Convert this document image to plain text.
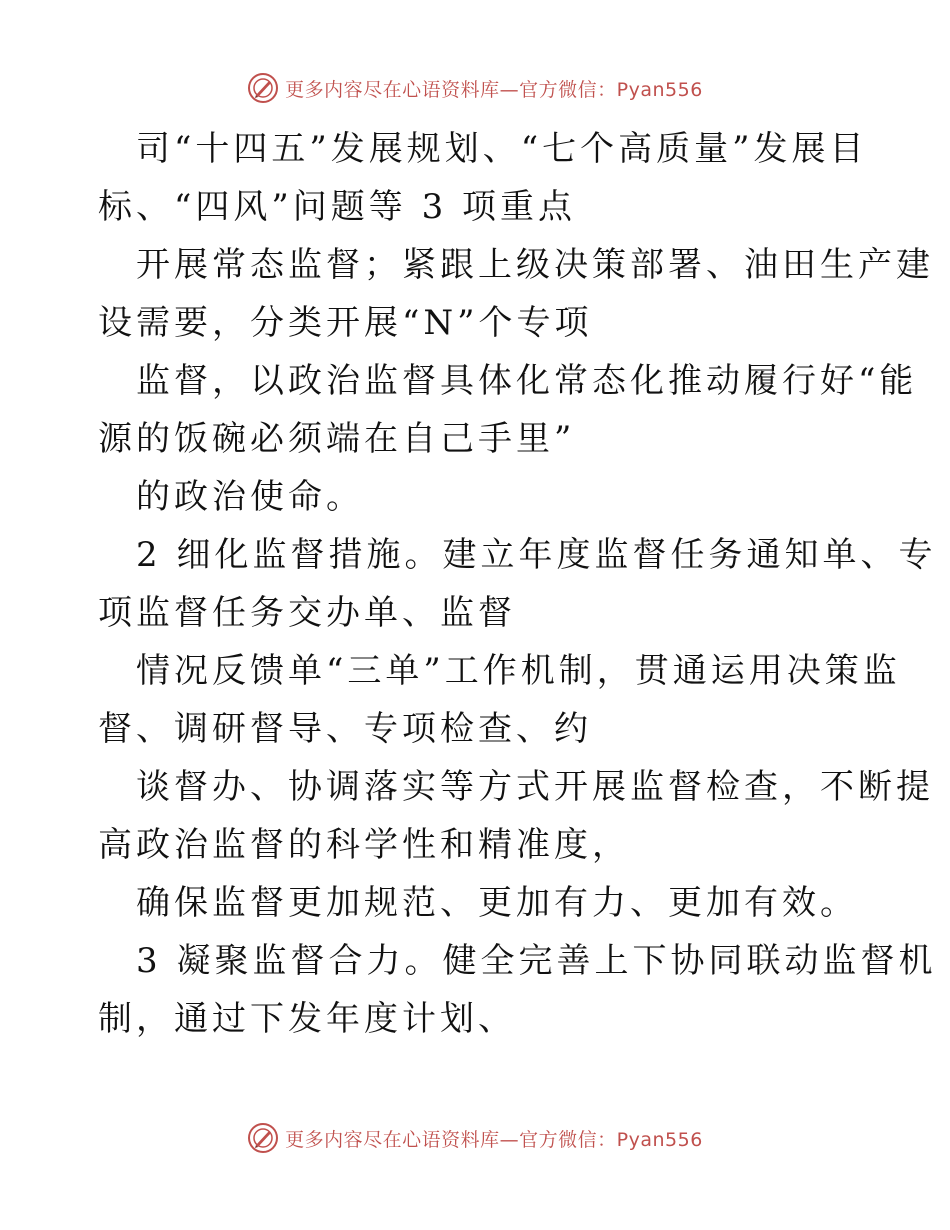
更多内容尽在心语资料库—官方微信：Pyan556
司“十四五”发展规划、“七个高质量”发展目
标、“四风”问题等 3 项重点
开展常态监督；紧跟上级决策部署、油田生产建
设需要，分类开展“N”个专项
监督，以政治监督具体化常态化推动履行好“能
源的饭碗必须端在自己手里”
的政治使命。
2 细化监督措施。建立年度监督任务通知单、专
项监督任务交办单、监督
情况反馈单“三单”工作机制，贯通运用决策监
督、调研督导、专项检查、约
谈督办、协调落实等方式开展监督检查，不断提
高政治监督的科学性和精准度，
确保监督更加规范、更加有力、更加有效。
3 凝聚监督合力。健全完善上下协同联动监督机
制，通过下发年度计划、
更多内容尽在心语资料库—官方微信：Pyan556
